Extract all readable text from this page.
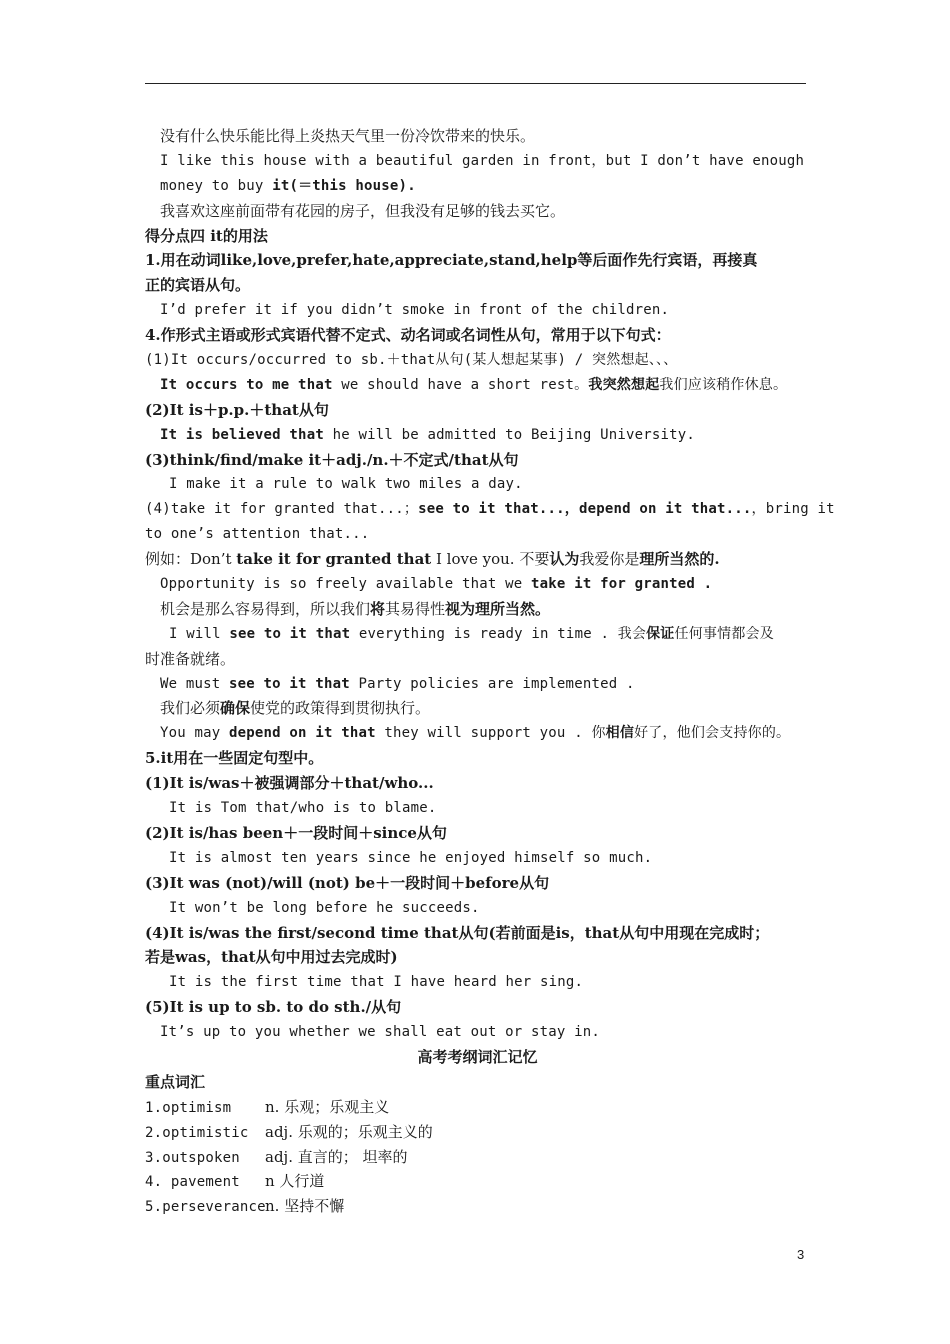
没有什么快乐能比得上炎热天气里一份冷饮带来的快乐。
I like this house with a beautiful garden in front，but I don’t have enough
money to buy it(＝this house).
我喜欢这座前面带有花园的房子，但我没有足够的钱去买它。
得分点四 it的用法
1.用在动词like,love,prefer,hate,appreciate,stand,help等后面作先行宾语，再接真
正的宾语从句。
I’d prefer it if you didn’t smoke in front of the children.
4.作形式主语或形式宾语代替不定式、动名词或名词性从句，常用于以下句式：
(1)It occurs/occurred to sb.＋that从句(某人想起某事) / 突然想起、、、
It occurs to me that we should have a short rest。我突然想起我们应该稍作休息。
(2)It is＋p.p.＋that从句
It is believed that he will be admitted to Beijing University.
(3)think/find/make it＋adj./n.＋不定式/that从句
I make it a rule to walk two miles a day.
(4)take it for granted that...；see to it that...，depend on it that...，bring it
to one’s attention that...
例如：Don’t take it for granted that I love you. 不要认为我爱你是理所当然的.
Opportunity is so freely available that we take it for granted .
机会是那么容易得到，所以我们将其易得性视为理所当然。
I will see to it that everything is ready in time . 我会保证任何事情都会及
时准备就绪。
We must see to it that Party policies are implemented .
我们必须确保使党的政策得到贯彻执行。
You may depend on it that they will support you . 你相信好了，他们会支持你的。
5.it用在一些固定句型中。
(1)It is/was＋被强调部分＋that/who...
It is Tom that/who is to blame.
(2)It is/has been＋一段时间＋since从句
It is almost ten years since he enjoyed himself so much.
(3)It was (not)/will (not) be＋一段时间＋before从句
It won’t be long before he succeeds.
(4)It is/was the first/second time that从句(若前面是is，that从句中用现在完成时；
若是was，that从句中用过去完成时)
It is the first time that I have heard her sing.
(5)It is up to sb. to do sth./从句
It’s up to you whether we shall eat out or stay in.
高考考纲词汇记忆
重点词汇
1.optimism n. 乐观；乐观主义
2.optimistic adj. 乐观的；乐观主义的
3.outspoken adj. 直言的； 坦率的
4. pavement n 人行道
5.perseverancen. 坚持不懈
3
